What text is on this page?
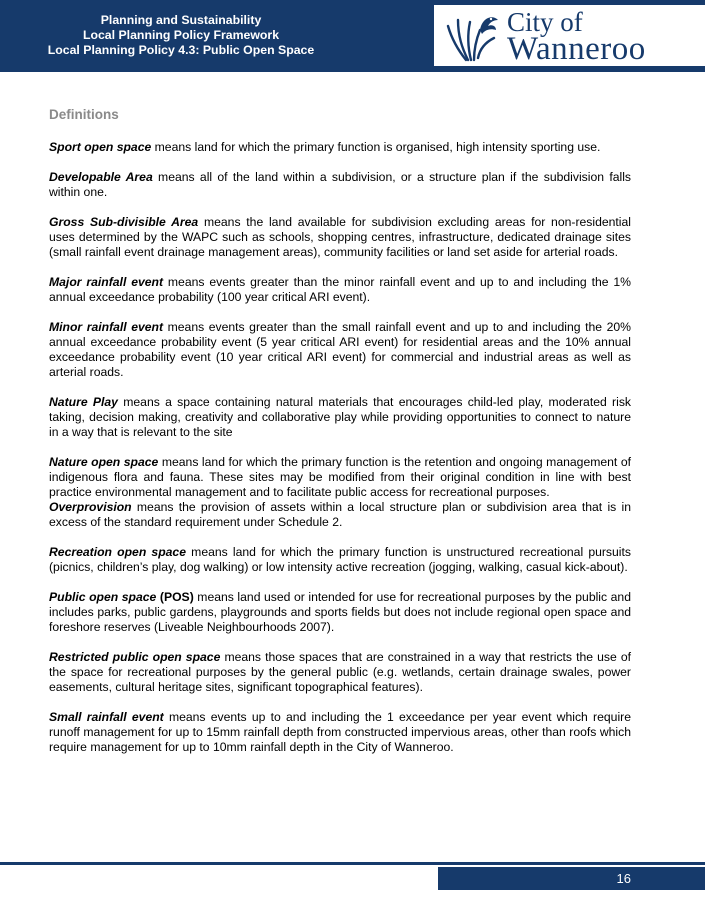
Planning and Sustainability
Local Planning Policy Framework
Local Planning Policy 4.3: Public Open Space
City of
Wanneroo
Definitions

Sport open space means land for which the primary function is organised, high intensity sporting use.

Developable Area means all of the land within a subdivision, or a structure plan if the subdivision falls within one.

Gross Sub-divisible Area means the land available for subdivision excluding areas for non-residential uses determined by the WAPC such as schools, shopping centres, infrastructure, dedicated drainage sites (small rainfall event drainage management areas), community facilities or land set aside for arterial roads.

Major rainfall event means events greater than the minor rainfall event and up to and including the 1% annual exceedance probability (100 year critical ARI event).

Minor rainfall event means events greater than the small rainfall event and up to and including the 20% annual exceedance probability event (5 year critical ARI event) for residential areas and the 10% annual exceedance probability event (10 year critical ARI event) for commercial and industrial areas as well as arterial roads.

Nature Play means a space containing natural materials that encourages child-led play, moderated risk taking, decision making, creativity and collaborative play while providing opportunities to connect to nature in a way that is relevant to the site

Nature open space means land for which the primary function is the retention and ongoing management of indigenous flora and fauna. These sites may be modified from their original condition in line with best practice environmental management and to facilitate public access for recreational purposes.

Overprovision means the provision of assets within a local structure plan or subdivision area that is in excess of the standard requirement under Schedule 2.

Recreation open space means land for which the primary function is unstructured recreational pursuits (picnics, children’s play, dog walking) or low intensity active recreation (jogging, walking, casual kick-about).

Public open space (POS) means land used or intended for use for recreational purposes by the public and includes parks, public gardens, playgrounds and sports fields but does not include regional open space and foreshore reserves (Liveable Neighbourhoods 2007).

Restricted public open space means those spaces that are constrained in a way that restricts the use of the space for recreational purposes by the general public (e.g. wetlands, certain drainage swales, power easements, cultural heritage sites, significant topographical features).

Small rainfall event means events up to and including the 1 exceedance per year event which require runoff management for up to 15mm rainfall depth from constructed impervious areas, other than roofs which require management for up to 10mm rainfall depth in the City of Wanneroo.

16
